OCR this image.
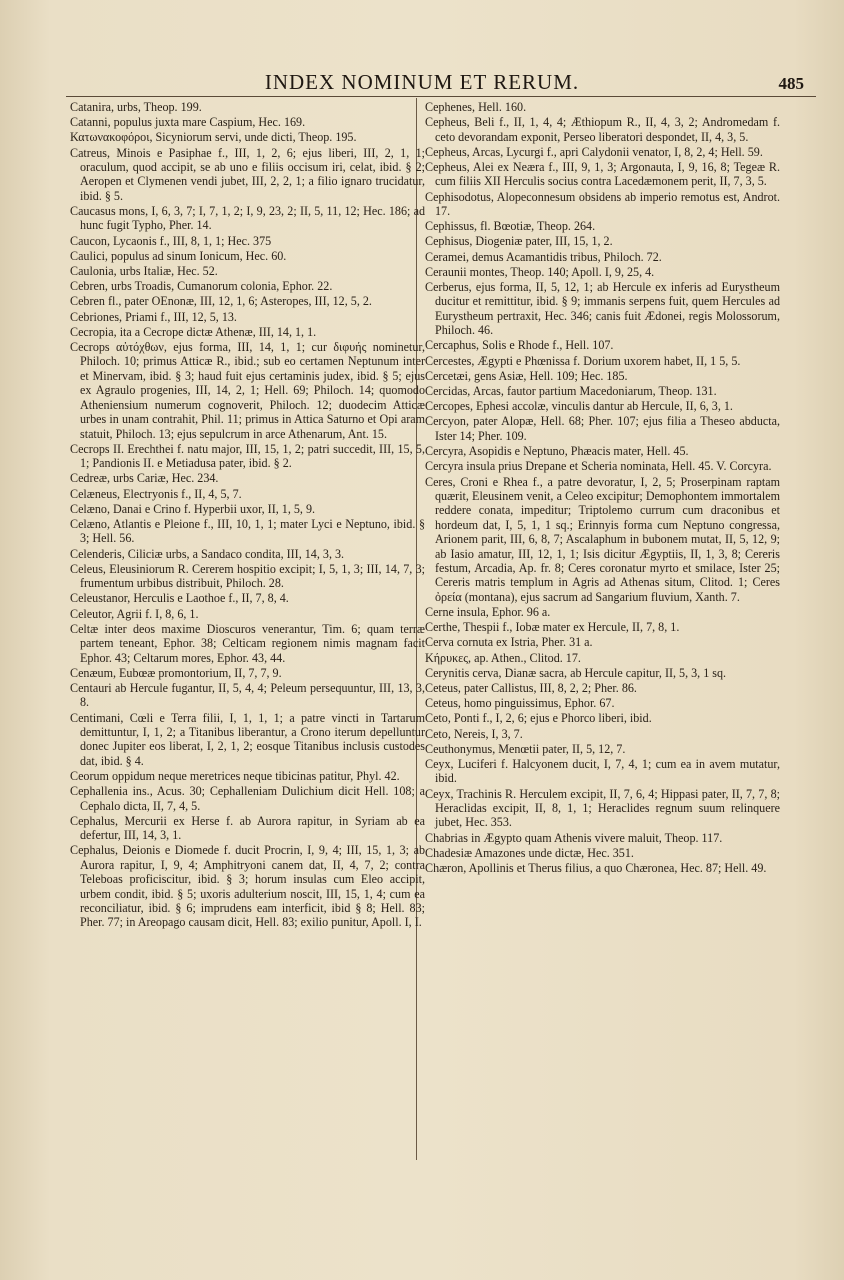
INDEX NOMINUM ET RERUM.	485

Catanira, urbs, Theop. 199.

Catanni, populus juxta mare Caspium, Hec. 169.

Κατωνακοφόροι, Sicyniorum servi, unde dicti, Theop. 195.

Catreus, Minois e Pasiphae f., III, 1, 2, 6; ejus liberi, III, 2, 1, 1; oraculum, quod accipit, se ab uno e filiis occisum iri, celat, ibid. § 2; Aeropen et Clymenen vendi jubet, III, 2, 2, 1; a filio ignaro trucidatur, ibid. § 5.

Caucasus mons, I, 6, 3, 7; I, 7, 1, 2; I, 9, 23, 2; II, 5, 11, 12; Hec. 186; ad hunc fugit Typho, Pher. 14.

Caucon, Lycaonis f., III, 8, 1, 1; Hec. 375

Caulici, populus ad sinum Ionicum, Hec. 60.

Caulonia, urbs Italiæ, Hec. 52.

Cebren, urbs Troadis, Cumanorum colonia, Ephor. 22.

Cebren fl., pater OEnonæ, III, 12, 1, 6; Asteropes, III, 12, 5, 2.

Cebriones, Priami f., III, 12, 5, 13.

Cecropia, ita a Cecrope dictæ Athenæ, III, 14, 1, 1.

Cecrops αὐτόχθων, ejus forma, III, 14, 1, 1; cur διφυής nominetur, Philoch. 10; primus Atticæ R., ibid.; sub eo certamen Neptunum inter et Minervam, ibid. § 3; haud fuit ejus certaminis judex, ibid. § 5; ejus ex Agraulo progenies, III, 14, 2, 1; Hell. 69; Philoch. 14; quomodo Atheniensium numerum cognoverit, Philoch. 12; duodecim Atticæ urbes in unam contrahit, Phil. 11; primus in Attica Saturno et Opi aram statuit, Philoch. 13; ejus sepulcrum in arce Athenarum, Ant. 15.

Cecrops II. Erechthei f. natu major, III, 15, 1, 2; patri succedit, III, 15, 5, 1; Pandionis II. e Metiadusa pater, ibid. § 2.

Cedreæ, urbs Cariæ, Hec. 234.

Celæneus, Electryonis f., II, 4, 5, 7.

Celæno, Danai e Crino f. Hyperbii uxor, II, 1, 5, 9.

Celæno, Atlantis e Pleione f., III, 10, 1, 1; mater Lyci e Neptuno, ibid. § 3; Hell. 56.

Celenderis, Ciliciæ urbs, a Sandaco condita, III, 14, 3, 3.

Celeus, Eleusiniorum R. Cererem hospitio excipit; I, 5, 1, 3; III, 14, 7, 3; frumentum urbibus distribuit, Philoch. 28.

Celeustanor, Herculis e Laothoe f., II, 7, 8, 4.

Celeutor, Agrii f. I, 8, 6, 1.

Celtæ inter deos maxime Dioscuros venerantur, Tim. 6; quam terræ partem teneant, Ephor. 38; Celticam regionem nimis magnam facit Ephor. 43; Celtarum mores, Ephor. 43, 44.

Cenæum, Eubœæ promontorium, II, 7, 7, 9.

Centauri ab Hercule fugantur, II, 5, 4, 4; Peleum persequuntur, III, 13, 3, 8.

Centimani, Cœli e Terra filii, I, 1, 1, 1; a patre vincti in Tartarum demittuntur, I, 1, 2; a Titanibus liberantur, a Crono iterum depelluntur donec Jupiter eos liberat, I, 2, 1, 2; eosque Titanibus inclusis custodes dat, ibid. § 4.

Ceorum oppidum neque meretrices neque tibicinas patitur, Phyl. 42.

Cephallenia ins., Acus. 30; Cephalleniam Dulichium dicit Hell. 108; a Cephalo dicta, II, 7, 4, 5.

Cephalus, Mercurii ex Herse f. ab Aurora rapitur, in Syriam ab ea defertur, III, 14, 3, 1.

Cephalus, Deionis e Diomede f. ducit Procrin, I, 9, 4; III, 15, 1, 3; ab Aurora rapitur, I, 9, 4; Amphitryoni canem dat, II, 4, 7, 2; contra Teleboas proficiscitur, ibid. § 3; horum insulas cum Eleo accipit, urbem condit, ibid. § 5; uxoris adulterium noscit, III, 15, 1, 4; cum ea reconciliatur, ibid. § 6; imprudens eam interficit, ibid § 8; Hell. 83; Pher. 77; in Areopago causam dicit, Hell. 83; exilio punitur, Apoll. I, I.

Cephenes, Hell. 160.

Cepheus, Beli f., II, 1, 4, 4; Æthiopum R., II, 4, 3, 2; Andromedam f. ceto devorandam exponit, Perseo liberatori despondet, II, 4, 3, 5.

Cepheus, Arcas, Lycurgi f., apri Calydonii venator, I, 8, 2, 4; Hell. 59.

Cepheus, Alei ex Neæra f., III, 9, 1, 3; Argonauta, I, 9, 16, 8; Tegeæ R. cum filiis XII Herculis socius contra Lacedæmonem perit, II, 7, 3, 5.

Cephisodotus, Alopeconnesum obsidens ab imperio remotus est, Androt. 17.

Cephissus, fl. Bœotiæ, Theop. 264.

Cephisus, Diogeniæ pater, III, 15, 1, 2.

Ceramei, demus Acamantidis tribus, Philoch. 72.

Ceraunii montes, Theop. 140; Apoll. I, 9, 25, 4.

Cerberus, ejus forma, II, 5, 12, 1; ab Hercule ex inferis ad Eurystheum ducitur et remittitur, ibid. § 9; immanis serpens fuit, quem Hercules ad Eurystheum pertraxit, Hec. 346; canis fuit Ædonei, regis Molossorum, Philoch. 46.

Cercaphus, Solis e Rhode f., Hell. 107.

Cercestes, Ægypti e Phœnissa f. Dorium uxorem habet, II, 1 5, 5.

Cercetæi, gens Asiæ, Hell. 109; Hec. 185.

Cercidas, Arcas, fautor partium Macedoniarum, Theop. 131.

Cercopes, Ephesi accolæ, vinculis dantur ab Hercule, II, 6, 3, 1.

Cercyon, pater Alopæ, Hell. 68; Pher. 107; ejus filia a Theseo abducta, Ister 14; Pher. 109.

Cercyra, Asopidis e Neptuno, Phæacis mater, Hell. 45.

Cercyra insula prius Drepane et Scheria nominata, Hell. 45. V. Corcyra.

Ceres, Croni e Rhea f., a patre devoratur, I, 2, 5; Proserpinam raptam quærit, Eleusinem venit, a Celeo excipitur; Demophontem immortalem reddere conata, impeditur; Triptolemo currum cum draconibus et hordeum dat, I, 5, 1, 1 sq.; Erinnyis forma cum Neptuno congressa, Arionem parit, III, 6, 8, 7; Ascalaphum in bubonem mutat, II, 5, 12, 9; ab Iasio amatur, III, 12, 1, 1; Isis dicitur Ægyptiis, II, 1, 3, 8; Cereris festum, Arcadia, Ap. fr. 8; Ceres coronatur myrto et smilace, Ister 25; Cereris matris templum in Agris ad Athenas situm, Clitod. 1; Ceres ὀρεία (montana), ejus sacrum ad Sangarium fluvium, Xanth. 7.

Cerne insula, Ephor. 96 a.

Certhe, Thespii f., Iobæ mater ex Hercule, II, 7, 8, 1.

Cerva cornuta ex Istria, Pher. 31 a.

Κήρυκες, ap. Athen., Clitod. 17.

Cerynitis cerva, Dianæ sacra, ab Hercule capitur, II, 5, 3, 1 sq.

Ceteus, pater Callistus, III, 8, 2, 2; Pher. 86.

Ceteus, homo pinguissimus, Ephor. 67.

Ceto, Ponti f., I, 2, 6; ejus e Phorco liberi, ibid.

Ceto, Nereis, I, 3, 7.

Ceuthonymus, Menœtii pater, II, 5, 12, 7.

Ceyx, Luciferi f. Halcyonem ducit, I, 7, 4, 1; cum ea in avem mutatur, ibid.

Ceyx, Trachinis R. Herculem excipit, II, 7, 6, 4; Hippasi pater, II, 7, 7, 8; Heraclidas excipit, II, 8, 1, 1; Heraclides regnum suum relinquere jubet, Hec. 353.

Chabrias in Ægypto quam Athenis vivere maluit, Theop. 117.

Chadesiæ Amazones unde dictæ, Hec. 351.

Chæron, Apollinis et Therus filius, a quo Chæronea, Hec. 87; Hell. 49.
